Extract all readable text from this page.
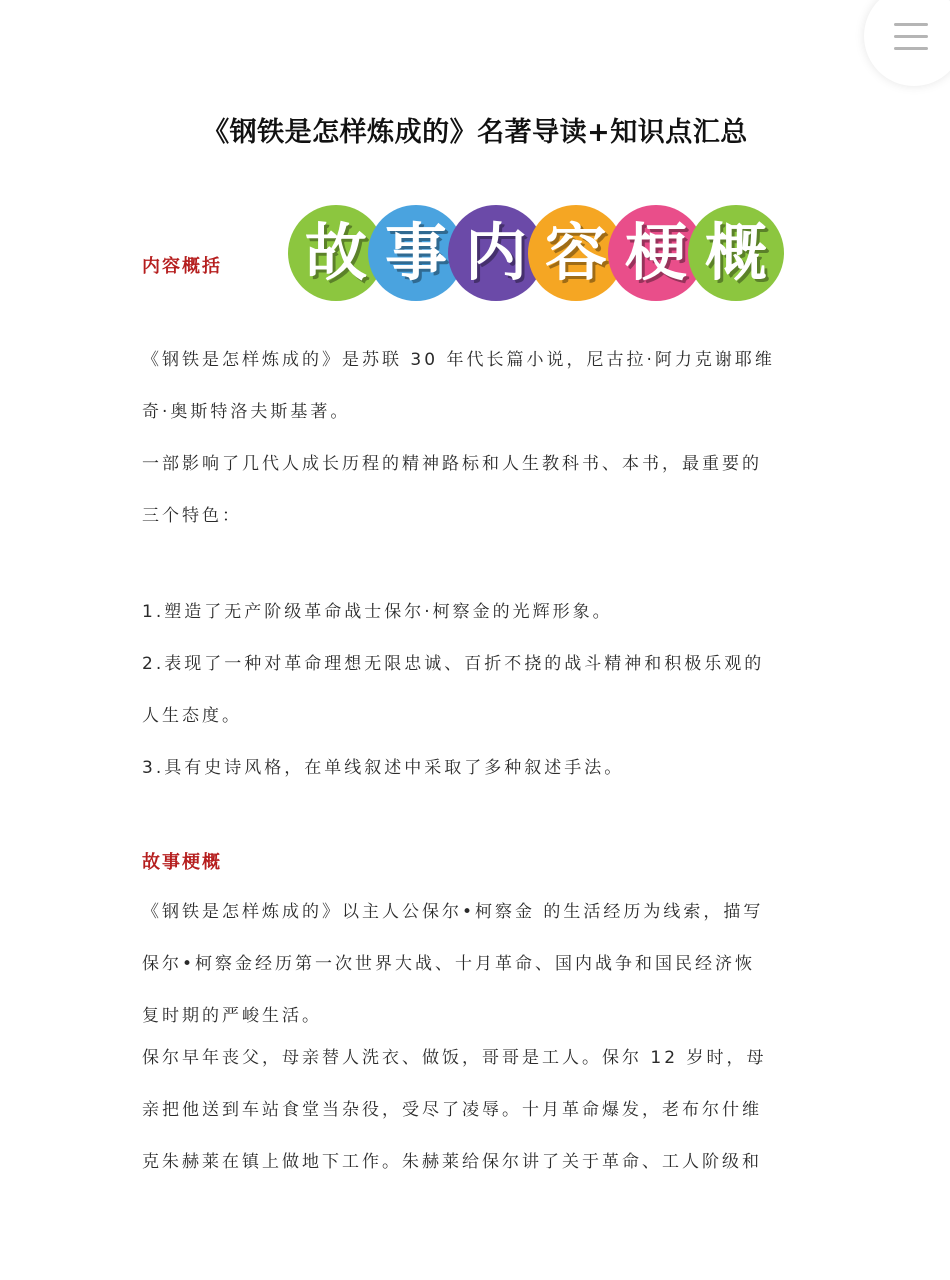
《钢铁是怎样炼成的》名著导读+知识点汇总
内容概括 故 事 内 容 梗 概

《钢铁是怎样炼成的》是苏联 30 年代长篇小说，尼古拉·阿力克谢耶维

奇·奥斯特洛夫斯基著。

一部影响了几代人成长历程的精神路标和人生教科书、本书，最重要的

三个特色：

1.塑造了无产阶级革命战士保尔·柯察金的光辉形象。

2.表现了一种对革命理想无限忠诚、百折不挠的战斗精神和积极乐观的

人生态度。

3.具有史诗风格，在单线叙述中采取了多种叙述手法。

故事梗概

《钢铁是怎样炼成的》以主人公保尔•柯察金 的生活经历为线索，描写

保尔•柯察金经历第一次世界大战、十月革命、国内战争和国民经济恢

复时期的严峻生活。

保尔早年丧父，母亲替人洗衣、做饭，哥哥是工人。保尔 12 岁时，母

亲把他送到车站食堂当杂役，受尽了凌辱。十月革命爆发，老布尔什维

克朱赫莱在镇上做地下工作。朱赫莱给保尔讲了关于革命、工人阶级和
